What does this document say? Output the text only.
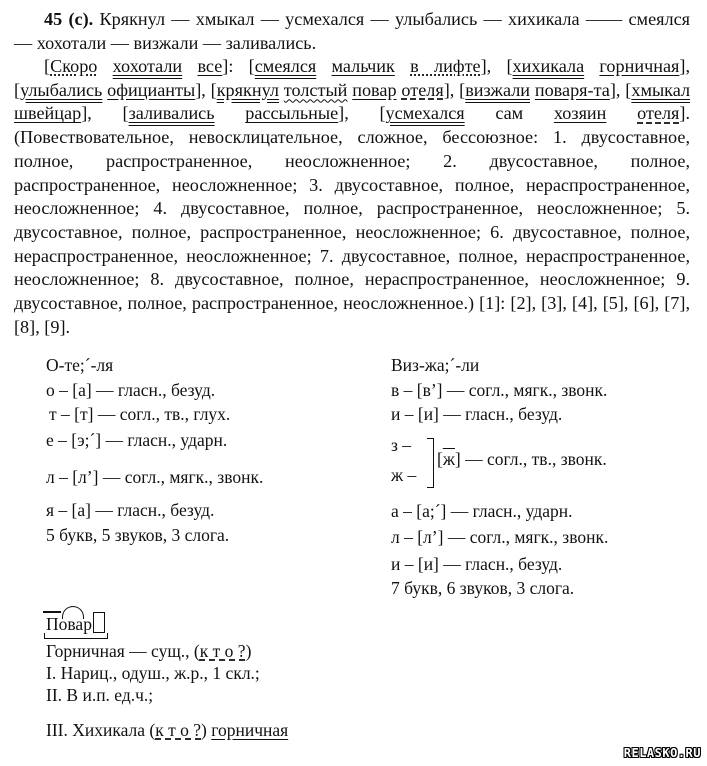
45 (с). Крякнул — хмыкал — усмехался — улыбались — хихикала —— смеялся — хохотали — визжали — заливались.
[Скоро хохотали все]: [смеялся мальчик в лифте], [хихикала горничная], [улыбались официанты], [крякнул толстый повар отеля], [визжали поваря-та], [хмыкал швейцар], [заливались рассыльные], [усмехался сам хозяин отеля]. (Повествовательное, невосклицательное, сложное, бессоюзное: 1. двусоставное, полное, распространенное, неосложненное; 2. двусоставное, полное, распространенное, неосложненное; 3. двусоставное, полное, нераспространенное, неосложненное; 4. двусоставное, полное, распространенное, неосложненное; 5. двусоставное, полное, распространенное, неосложненное; 6. двусоставное, полное, нераспространенное, неосложненное; 7. двусоставное, полное, нераспространенное, неосложненное; 8. двусоставное, полное, нераспространенное, неосложненное; 9. двусоставное, полное, распространенное, неосложненное.) [1]: [2], [3], [4], [5], [6], [7], [8], [9].
О-те;´-ля
о – [а] — гласн., безуд.
т – [т] — согл., тв., глух.
е – [э;´] — гласн., ударн.
л – [л’] — согл., мягк., звонк.
я – [а] — гласн., безуд.
5 букв, 5 звуков, 3 слога.
Виз-жа;´-ли
в – [в’] — согл., мягк., звонк.
и – [и] — гласн., безуд.
з –
ж –
[ж] — согл., тв., звонк.
а – [а;´] — гласн., ударн.
л – [л’] — согл., мягк., звонк.
и – [и] — гласн., безуд.
7 букв, 6 звуков, 3 слога.
Повар
Горничная — сущ., (к т о ?)
I. Нариц., одуш., ж.р., 1 скл.;
II. В и.п. ед.ч.;
III. Хихикала (к т о ?) горничная
RELASKO.RU
